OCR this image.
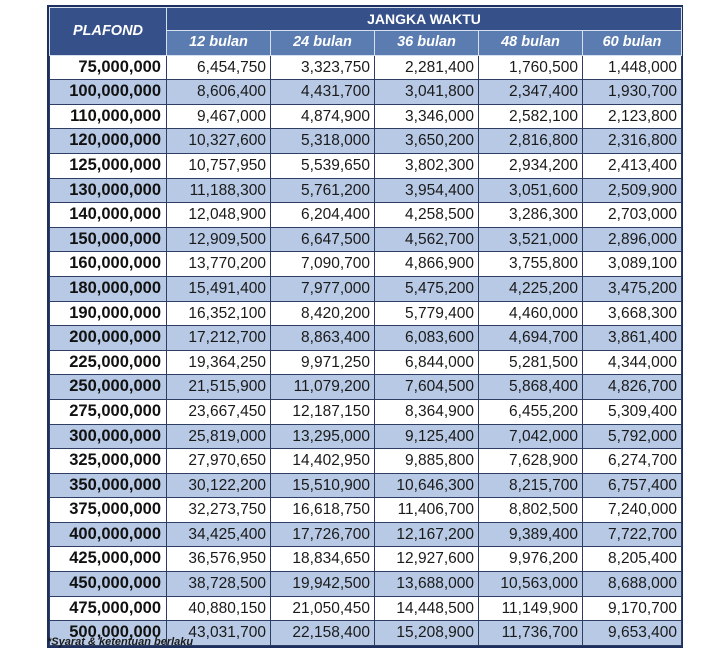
PLAFOND	JANGKA WAKTU				
	12 bulan	24 bulan	36 bulan	48 bulan	60 bulan
75,000,000	6,454,750	3,323,750	2,281,400	1,760,500	1,448,000
100,000,000	8,606,400	4,431,700	3,041,800	2,347,400	1,930,700
110,000,000	9,467,000	4,874,900	3,346,000	2,582,100	2,123,800
120,000,000	10,327,600	5,318,000	3,650,200	2,816,800	2,316,800
125,000,000	10,757,950	5,539,650	3,802,300	2,934,200	2,413,400
130,000,000	11,188,300	5,761,200	3,954,400	3,051,600	2,509,900
140,000,000	12,048,900	6,204,400	4,258,500	3,286,300	2,703,000
150,000,000	12,909,500	6,647,500	4,562,700	3,521,000	2,896,000
160,000,000	13,770,200	7,090,700	4,866,900	3,755,800	3,089,100
180,000,000	15,491,400	7,977,000	5,475,200	4,225,200	3,475,200
190,000,000	16,352,100	8,420,200	5,779,400	4,460,000	3,668,300
200,000,000	17,212,700	8,863,400	6,083,600	4,694,700	3,861,400
225,000,000	19,364,250	9,971,250	6,844,000	5,281,500	4,344,000
250,000,000	21,515,900	11,079,200	7,604,500	5,868,400	4,826,700
275,000,000	23,667,450	12,187,150	8,364,900	6,455,200	5,309,400
300,000,000	25,819,000	13,295,000	9,125,400	7,042,000	5,792,000
325,000,000	27,970,650	14,402,950	9,885,800	7,628,900	6,274,700
350,000,000	30,122,200	15,510,900	10,646,300	8,215,700	6,757,400
375,000,000	32,273,750	16,618,750	11,406,700	8,802,500	7,240,000
400,000,000	34,425,400	17,726,700	12,167,200	9,389,400	7,722,700
425,000,000	36,576,950	18,834,650	12,927,600	9,976,200	8,205,400
450,000,000	38,728,500	19,942,500	13,688,000	10,563,000	8,688,000
475,000,000	40,880,150	21,050,450	14,448,500	11,149,900	9,170,700
500,000,000	43,031,700	22,158,400	15,208,900	11,736,700	9,653,400
*Syarat & ketentuan berlaku
